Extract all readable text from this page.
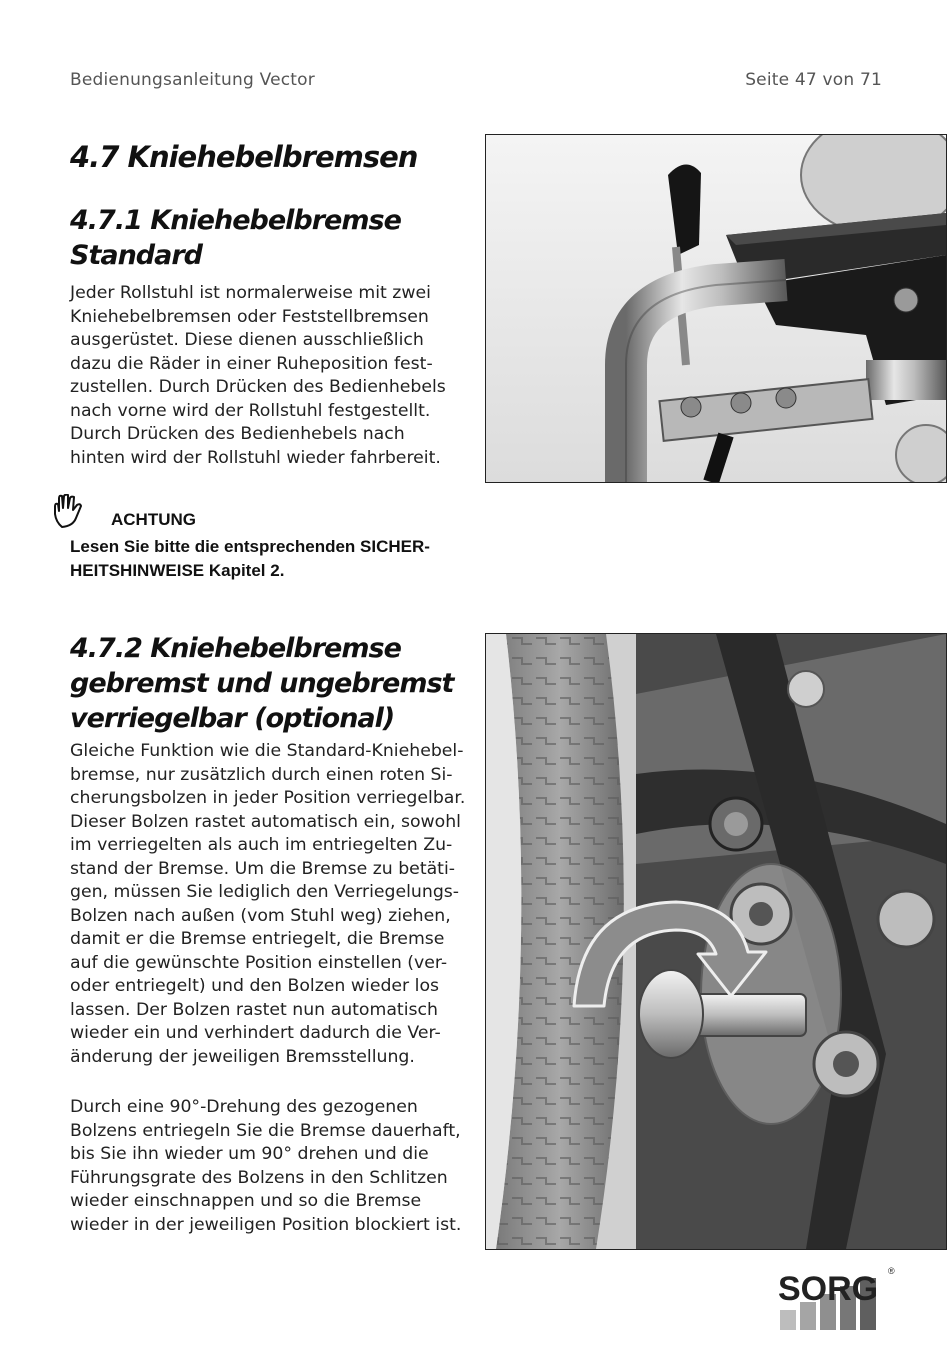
Bedienungsanleitung Vector	Seite 47 von 71
4.7 Kniehebelbremsen
4.7.1 Kniehebelbremse
Standard

Jeder Rollstuhl ist normalerweise mit zwei
Kniehebelbremsen oder Feststellbremsen
ausgerüstet. Diese dienen ausschließlich
dazu die Räder in einer Ruheposition fest-
zustellen. Durch Drücken des Bedienhebels
nach vorne wird der Rollstuhl festgestellt.
Durch Drücken des Bedienhebels nach
hinten wird der Rollstuhl wieder fahrbereit.

ACHTUNG

Lesen Sie bitte die entsprechenden SICHER-
HEITSHINWEISE Kapitel 2.

4.7.2 Kniehebelbremse
gebremst und ungebremst
verriegelbar (optional)

Gleiche Funktion wie die Standard-Kniehebel-
bremse, nur zusätzlich durch einen roten Si-
cherungsbolzen in jeder Position verriegelbar.
Dieser Bolzen rastet automatisch ein, sowohl
im verriegelten als auch im entriegelten Zu-
stand der Bremse. Um die Bremse zu betäti-
gen, müssen Sie lediglich den Verriegelungs-
Bolzen nach außen (vom Stuhl weg) ziehen,
damit er die Bremse entriegelt, die Bremse
auf die gewünschte Position einstellen (ver-
oder entriegelt) und den Bolzen wieder los
lassen. Der Bolzen rastet nun automatisch
wieder ein und verhindert dadurch die Ver-
änderung der jeweiligen Bremsstellung.

Durch eine 90°-Drehung des gezogenen
Bolzens entriegeln Sie die Bremse dauerhaft,
bis Sie ihn wieder um 90° drehen und die
Führungsgrate des Bolzens in den Schlitzen
wieder einschnappen und so die Bremse
wieder in der jeweiligen Position blockiert ist.

SORG ®
